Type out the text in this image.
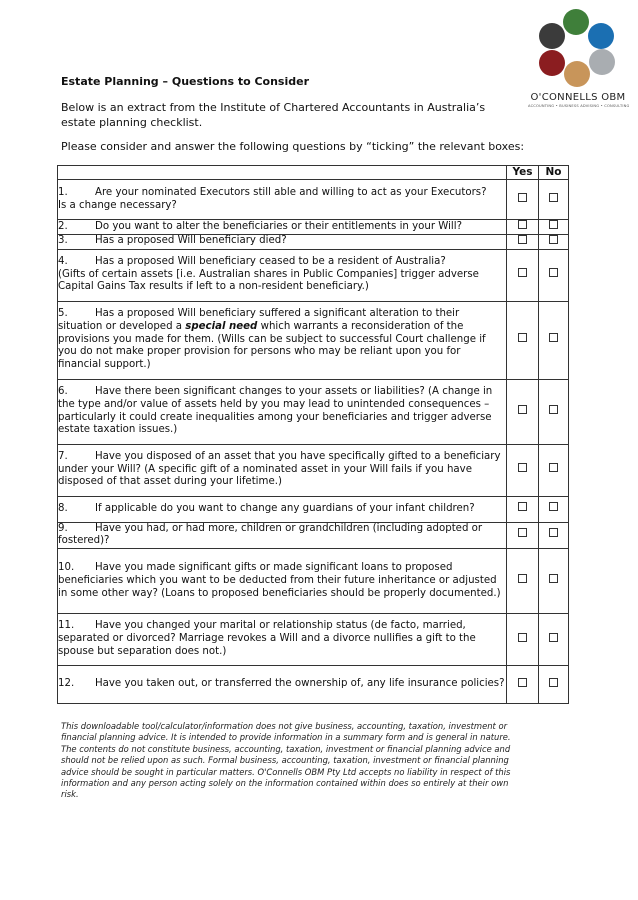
O'CONNELLS OBM
ACCOUNTING • BUSINESS ADVISING • CONSULTING
Estate Planning – Questions to Consider
Below is an extract from the Institute of Chartered Accountants in Australia’s estate planning checklist.
Please consider and answer the following questions by “ticking” the relevant boxes:
	Yes	No
1. Are your nominated Executors still able and willing to act as your Executors?
Is a change necessary?		
2. Do you want to alter the beneficiaries or their entitlements in your Will?		
3. Has a proposed Will beneficiary died?		
4. Has a proposed Will beneficiary ceased to be a resident of Australia?
(Gifts of certain assets [i.e. Australian shares in Public Companies] trigger adverse Capital Gains Tax results if left to a non-resident beneficiary.)		
5. Has a proposed Will beneficiary suffered a significant alteration to their situation or developed a special need which warrants a reconsideration of the provisions you made for them. (Wills can be subject to successful Court challenge if you do not make proper provision for persons who may be reliant upon you for financial support.)		
6. Have there been significant changes to your assets or liabilities? (A change in the type and/or value of assets held by you may lead to unintended consequences – particularly it could create inequalities among your beneficiaries and trigger adverse estate taxation issues.)		
7. Have you disposed of an asset that you have specifically gifted to a beneficiary under your Will? (A specific gift of a nominated asset in your Will fails if you have disposed of that asset during your lifetime.)		
8. If applicable do you want to change any guardians of your infant children?		
9. Have you had, or had more, children or grandchildren (including adopted or fostered)?		
10. Have you made significant gifts or made significant loans to proposed beneficiaries which you want to be deducted from their future inheritance or adjusted in some other way? (Loans to proposed beneficiaries should be properly documented.)		
11. Have you changed your marital or relationship status (de facto, married, separated or divorced? Marriage revokes a Will and a divorce nullifies a gift to the spouse but separation does not.)		
12. Have you taken out, or transferred the ownership of, any life insurance policies?		
This downloadable tool/calculator/information does not give business, accounting, taxation, investment or financial planning advice. It is intended to provide information in a summary form and is general in nature. The contents do not constitute business, accounting, taxation, investment or financial planning advice and should not be relied upon as such. Formal business, accounting, taxation, investment or financial planning advice should be sought in particular matters. O'Connells OBM Pty Ltd accepts no liability in respect of this information and any person acting solely on the information contained within does so entirely at their own risk.
